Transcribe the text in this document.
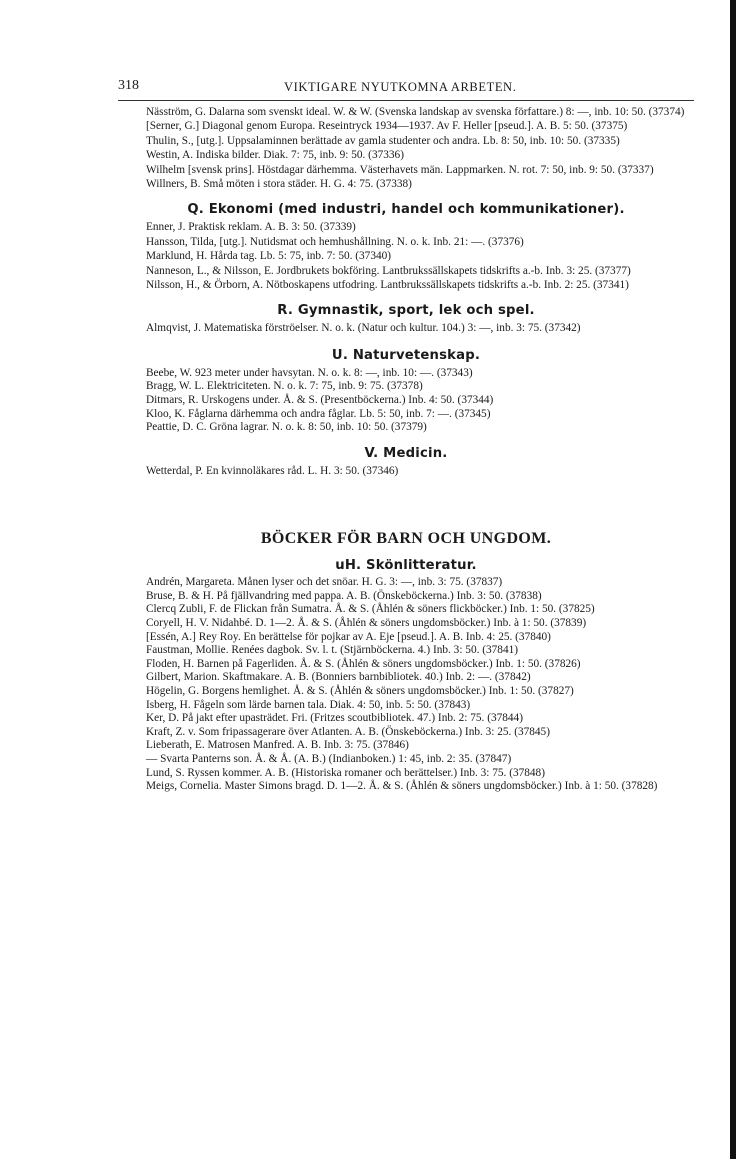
318	VIKTIGARE NYUTKOMNA ARBETEN.

Näsström, G. Dalarna som svenskt ideal. W. & W. (Svenska landskap av svenska författare.) 8: —, inb. 10: 50. (37374)

[Serner, G.] Diagonal genom Europa. Reseintryck 1934—1937. Av F. Heller [pseud.]. A. B. 5: 50. (37375)

Thulin, S., [utg.]. Uppsalaminnen berättade av gamla studenter och andra. Lb. 8: 50, inb. 10: 50. (37335)

Westin, A. Indiska bilder. Diak. 7: 75, inb. 9: 50. (37336)

Wilhelm [svensk prins]. Höstdagar därhemma. Västerhavets män. Lappmarken. N. rot. 7: 50, inb. 9: 50. (37337)

Willners, B. Små möten i stora städer. H. G. 4: 75. (37338)

Q. Ekonomi (med industri, handel och kommunikationer).

Enner, J. Praktisk reklam. A. B. 3: 50. (37339)

Hansson, Tilda, [utg.]. Nutidsmat och hemhushållning. N. o. k. Inb. 21: —. (37376)

Marklund, H. Hårda tag. Lb. 5: 75, inb. 7: 50. (37340)

Nanneson, L., & Nilsson, E. Jordbrukets bokföring. Lantbrukssällskapets tidskrifts a.-b. Inb. 3: 25. (37377)

Nilsson, H., & Örborn, A. Nötboskapens utfodring. Lantbrukssällskapets tidskrifts a.-b. Inb. 2: 25. (37341)

R. Gymnastik, sport, lek och spel.

Almqvist, J. Matematiska förströelser. N. o. k. (Natur och kultur. 104.) 3: —, inb. 3: 75. (37342)

U. Naturvetenskap.

Beebe, W. 923 meter under havsytan. N. o. k. 8: —, inb. 10: —. (37343)

Bragg, W. L. Elektriciteten. N. o. k. 7: 75, inb. 9: 75. (37378)

Ditmars, R. Urskogens under. Å. & S. (Presentböckerna.) Inb. 4: 50. (37344)

Kloo, K. Fåglarna därhemma och andra fåglar. Lb. 5: 50, inb. 7: —. (37345)

Peattie, D. C. Gröna lagrar. N. o. k. 8: 50, inb. 10: 50. (37379)

V. Medicin.

Wetterdal, P. En kvinnoläkares råd. L. H. 3: 50. (37346)

BÖCKER FÖR BARN OCH UNGDOM.
uH. Skönlitteratur.

Andrén, Margareta. Månen lyser och det snöar. H. G. 3: —, inb. 3: 75. (37837)

Bruse, B. & H. På fjällvandring med pappa. A. B. (Önskeböckerna.) Inb. 3: 50. (37838)

Clercq Zubli, F. de Flickan från Sumatra. Å. & S. (Åhlén & söners flickböcker.) Inb. 1: 50. (37825)

Coryell, H. V. Nidahbé. D. 1—2. Å. & S. (Åhlén & söners ungdomsböcker.) Inb. à 1: 50. (37839)

[Essén, A.] Rey Roy. En berättelse för pojkar av A. Eje [pseud.]. A. B. Inb. 4: 25. (37840)

Faustman, Mollie. Renées dagbok. Sv. l. t. (Stjärnböckerna. 4.) Inb. 3: 50. (37841)

Floden, H. Barnen på Fagerliden. Å. & S. (Åhlén & söners ungdomsböcker.) Inb. 1: 50. (37826)

Gilbert, Marion. Skaftmakare. A. B. (Bonniers barnbibliotek. 40.) Inb. 2: —. (37842)

Högelin, G. Borgens hemlighet. Å. & S. (Åhlén & söners ungdomsböcker.) Inb. 1: 50. (37827)

Isberg, H. Fågeln som lärde barnen tala. Diak. 4: 50, inb. 5: 50. (37843)

Ker, D. På jakt efter upasträdet. Fri. (Fritzes scoutbibliotek. 47.) Inb. 2: 75. (37844)

Kraft, Z. v. Som fripassagerare över Atlanten. A. B. (Önskeböckerna.) Inb. 3: 25. (37845)

Lieberath, E. Matrosen Manfred. A. B. Inb. 3: 75. (37846)

— Svarta Panterns son. Å. & Å. (A. B.) (Indianboken.) 1: 45, inb. 2: 35. (37847)

Lund, S. Ryssen kommer. A. B. (Historiska romaner och berättelser.) Inb. 3: 75. (37848)

Meigs, Cornelia. Master Simons bragd. D. 1—2. Å. & S. (Åhlén & söners ungdomsböcker.) Inb. à 1: 50. (37828)
